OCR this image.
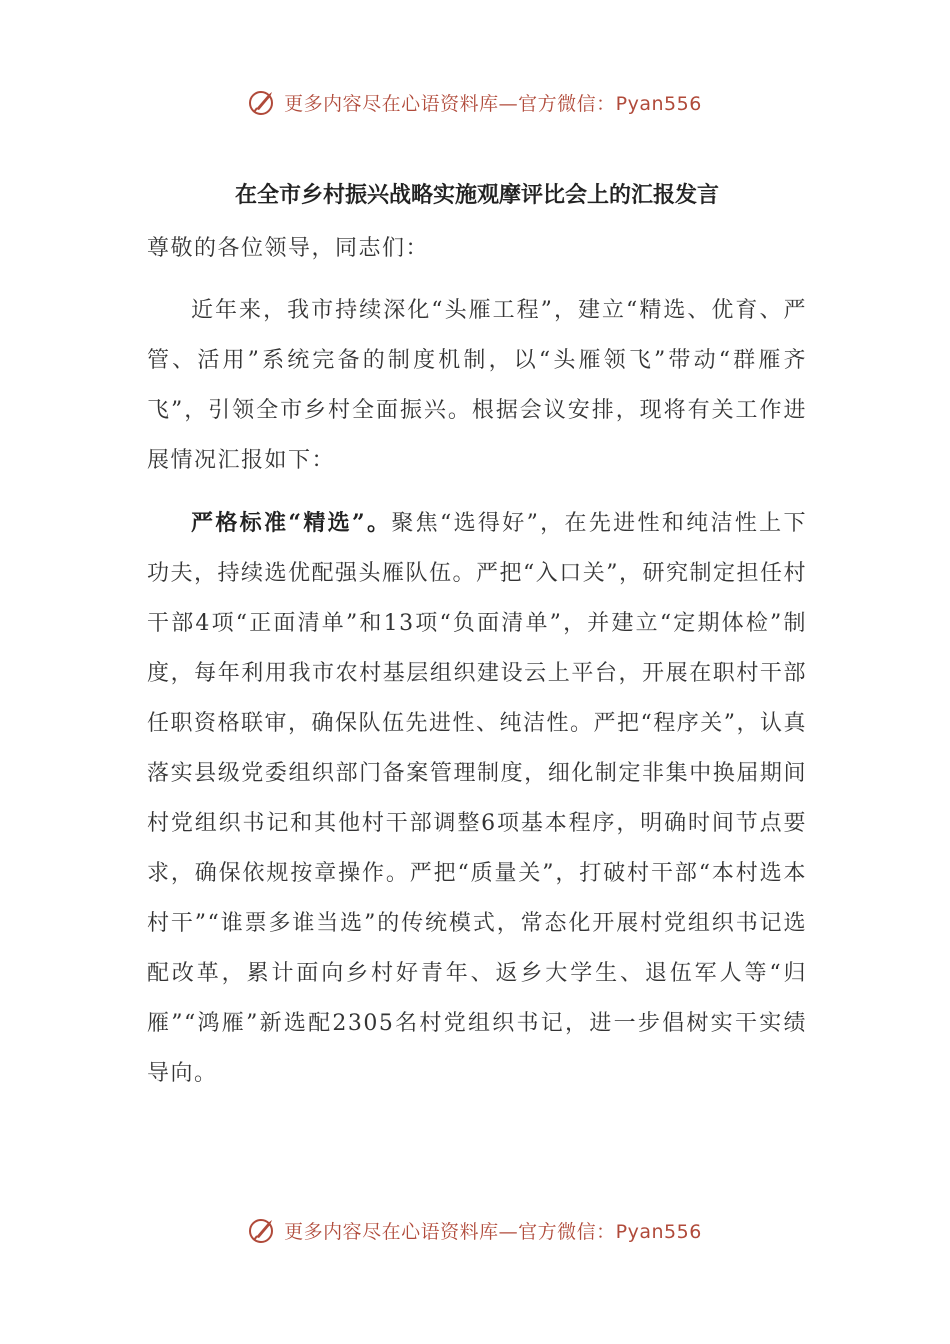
更多内容尽在心语资料库—官方微信：Pyan556
在全市乡村振兴战略实施观摩评比会上的汇报发言
尊敬的各位领导，同志们：

近年来，我市持续深化“头雁工程”，建立“精选、优育、严管、活用”系统完备的制度机制，以“头雁领飞”带动“群雁齐飞”，引领全市乡村全面振兴。根据会议安排，现将有关工作进展情况汇报如下：

严格标准“精选”。聚焦“选得好”，在先进性和纯洁性上下功夫，持续选优配强头雁队伍。严把“入口关”，研究制定担任村干部4项“正面清单”和13项“负面清单”，并建立“定期体检”制度，每年利用我市农村基层组织建设云上平台，开展在职村干部任职资格联审，确保队伍先进性、纯洁性。严把“程序关”，认真落实县级党委组织部门备案管理制度，细化制定非集中换届期间村党组织书记和其他村干部调整6项基本程序，明确时间节点要求，确保依规按章操作。严把“质量关”，打破村干部“本村选本村干”“谁票多谁当选”的传统模式，常态化开展村党组织书记选配改革，累计面向乡村好青年、返乡大学生、退伍军人等“归雁”“鸿雁”新选配2305名村党组织书记，进一步倡树实干实绩导向。

更多内容尽在心语资料库—官方微信：Pyan556
